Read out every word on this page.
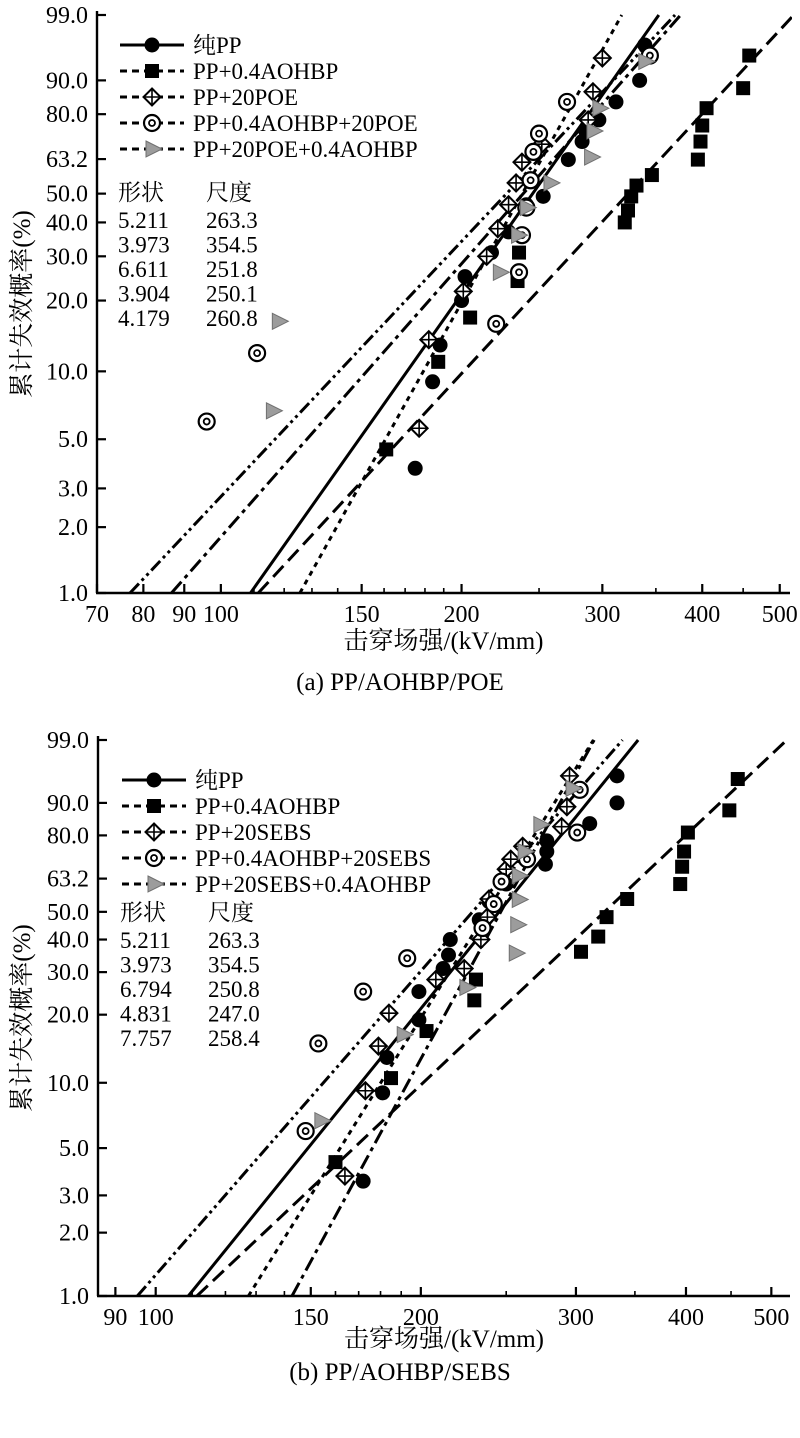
99.0
90.0
80.0
63.2
50.0
40.0
30.0
20.0
10.0
5.0
3.0
2.0
1.0
70 80 90 100	150	200	300	400 500
纯PP
PP+0.4AOHBP
PP+20POE
PP+0.4AOHBP+20POE
PP+20POE+0.4AOHBP
形状 尺度
5.211 263.3
3.973 354.5
6.611 251.8
3.904 250.1
4.179 260.8
击穿场强/(kV/mm)
累计失效概率(%)
(a) PP/AOHBP/POE
99.0
90.0
80.0
63.2
50.0
40.0
30.0
20.0
10.0
5.0
3.0
2.0
1.0
90 100	150	200	300	400 500
纯PP
PP+0.4AOHBP
PP+20SEBS
PP+0.4AOHBP+20SEBS
PP+20SEBS+0.4AOHBP
形状 尺度
5.211 263.3
3.973 354.5
6.794 250.8
4.831 247.0
7.757 258.4
击穿场强/(kV/mm)
累计失效概率(%)
(b) PP/AOHBP/SEBS
